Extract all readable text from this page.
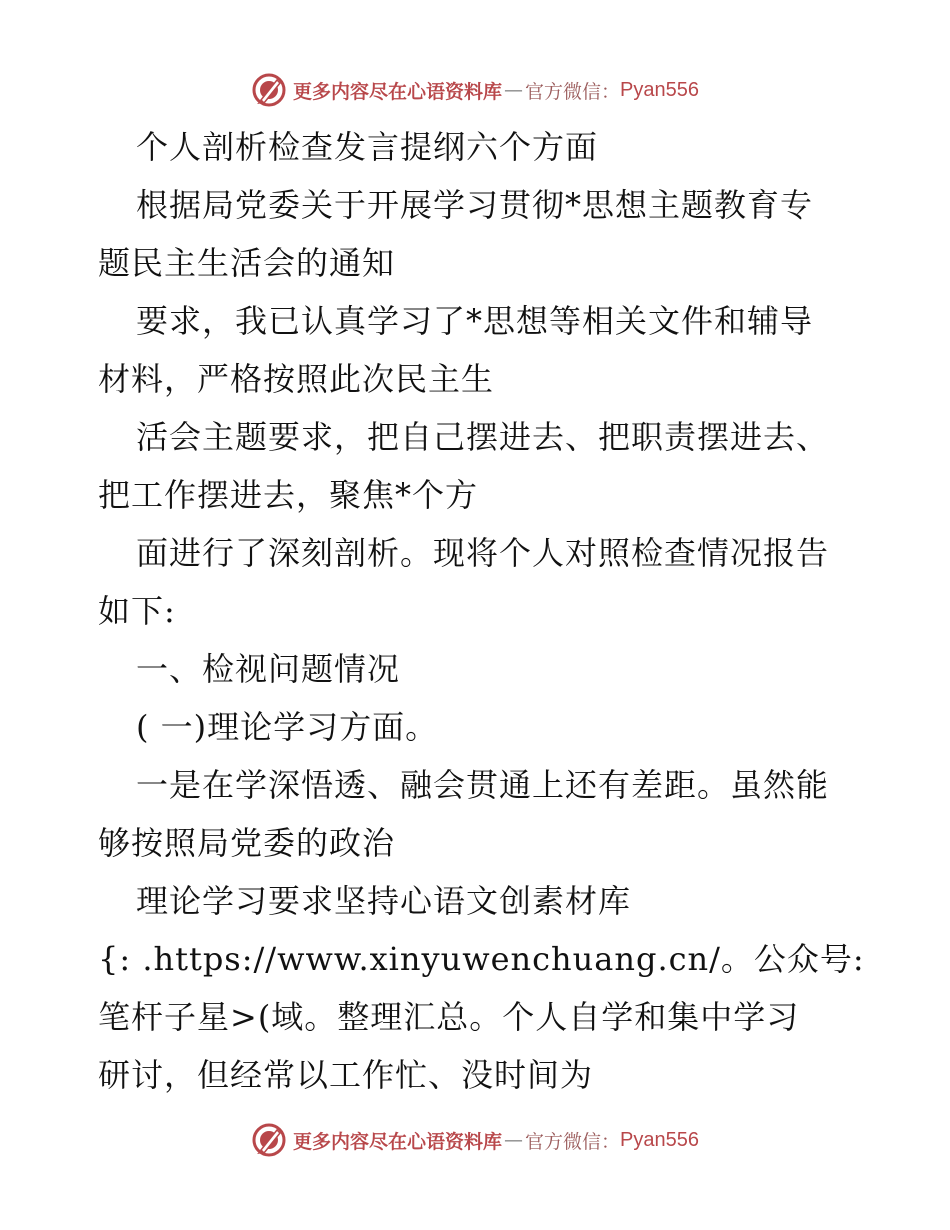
更多内容尽在心语资料库 — 官方微信： Pyan556
个人剖析检查发言提纲六个方面
根据局党委关于开展学习贯彻*思想主题教育专
题民主生活会的通知
要求，我已认真学习了*思想等相关文件和辅导
材料，严格按照此次民主生
活会主题要求，把自己摆进去、把职责摆进去、
把工作摆进去，聚焦*个方
面进行了深刻剖析。现将个人对照检查情况报告
如下:
一、检视问题情况
( 一)理论学习方面。
一是在学深悟透、融会贯通上还有差距。虽然能
够按照局党委的政治
理论学习要求坚持心语文创素材库
{: .https://www.xinyuwenchuang.cn/。公众号:
笔杆子星>(域。整理汇总。个人自学和集中学习
研讨，但经常以工作忙、没时间为
更多内容尽在心语资料库 — 官方微信： Pyan556
